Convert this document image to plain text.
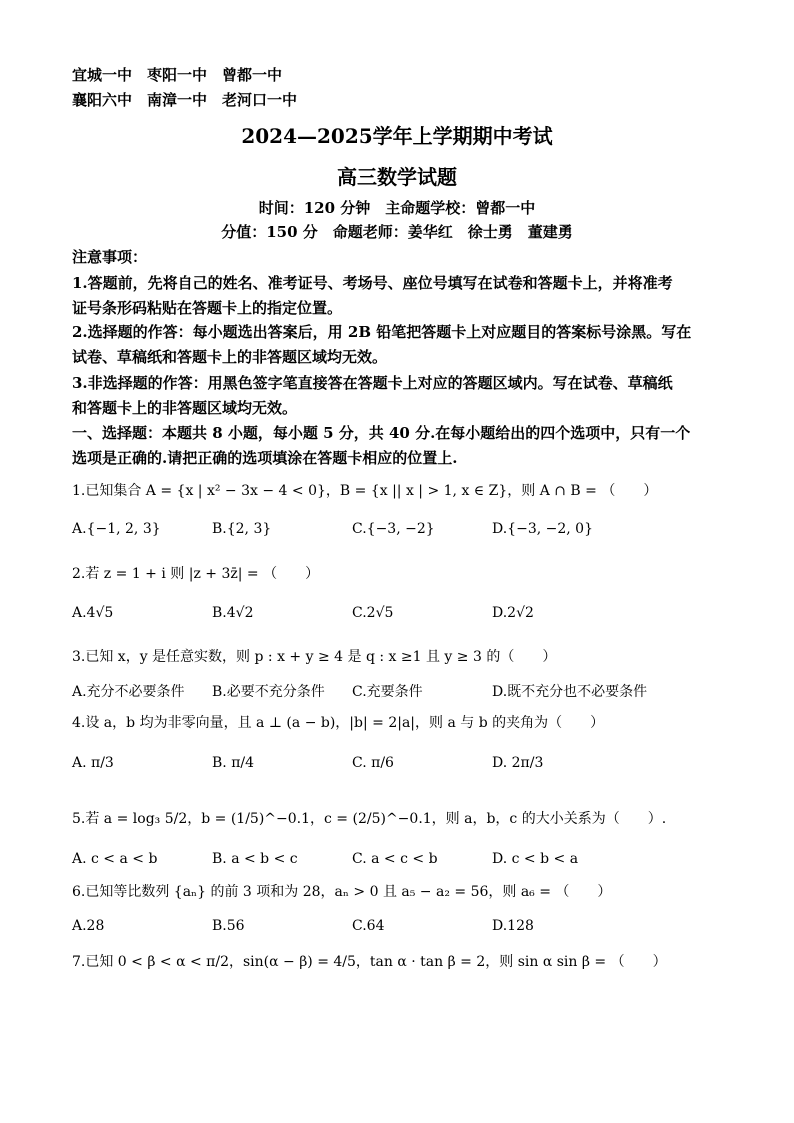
宜城一中　枣阳一中　曾都一中
襄阳六中　南漳一中　老河口一中
2024—2025学年上学期期中考试
高三数学试题
时间：120 分钟　主命题学校：曾都一中
分值：150 分　命题老师：姜华红　徐士勇　董建勇
注意事项：
1.答题前，先将自己的姓名、准考证号、考场号、座位号填写在试卷和答题卡上，并将准考
证号条形码粘贴在答题卡上的指定位置。
2.选择题的作答：每小题选出答案后，用 2B 铅笔把答题卡上对应题目的答案标号涂黑。写在
试卷、草稿纸和答题卡上的非答题区域均无效。
3.非选择题的作答：用黑色签字笔直接答在答题卡上对应的答题区域内。写在试卷、草稿纸
和答题卡上的非答题区域均无效。
一、选择题：本题共 8 小题，每小题 5 分，共 40 分.在每小题给出的四个选项中，只有一个
选项是正确的.请把正确的选项填涂在答题卡相应的位置上.
1.已知集合 A = {x | x² − 3x − 4 < 0}，B = {x || x | > 1, x ∈ Z}，则 A ∩ B = （　　）
A.{−1, 2, 3}	B.{2, 3}	C.{−3, −2}	D.{−3, −2, 0}
2.若 z = 1 + i 则 |z + 3z̄| = （　　）
A.4√5	B.4√2	C.2√5	D.2√2
3.已知 x，y 是任意实数，则 p : x + y ≥ 4 是 q : x ≥1 且 y ≥ 3 的（　　）
A.充分不必要条件 B.必要不充分条件 C.充要条件	D.既不充分也不必要条件
4.设 a，b 均为非零向量，且 a ⊥ (a − b)，|b| = 2|a|，则 a 与 b 的夹角为（　　）
A. π/3	B. π/4	C. π/6	D. 2π/3
5.若 a = log₃ 5/2，b = (1/5)^−0.1，c = (2/5)^−0.1，则 a，b，c 的大小关系为（　　）.
A. c < a < b	B. a < b < c	C. a < c < b	D. c < b < a
6.已知等比数列 {aₙ} 的前 3 项和为 28，aₙ > 0 且 a₅ − a₂ = 56，则 a₆ = （　　）
A.28	B.56	C.64	D.128
7.已知 0 < β < α < π/2，sin(α − β) = 4/5，tan α · tan β = 2，则 sin α sin β = （　　）
